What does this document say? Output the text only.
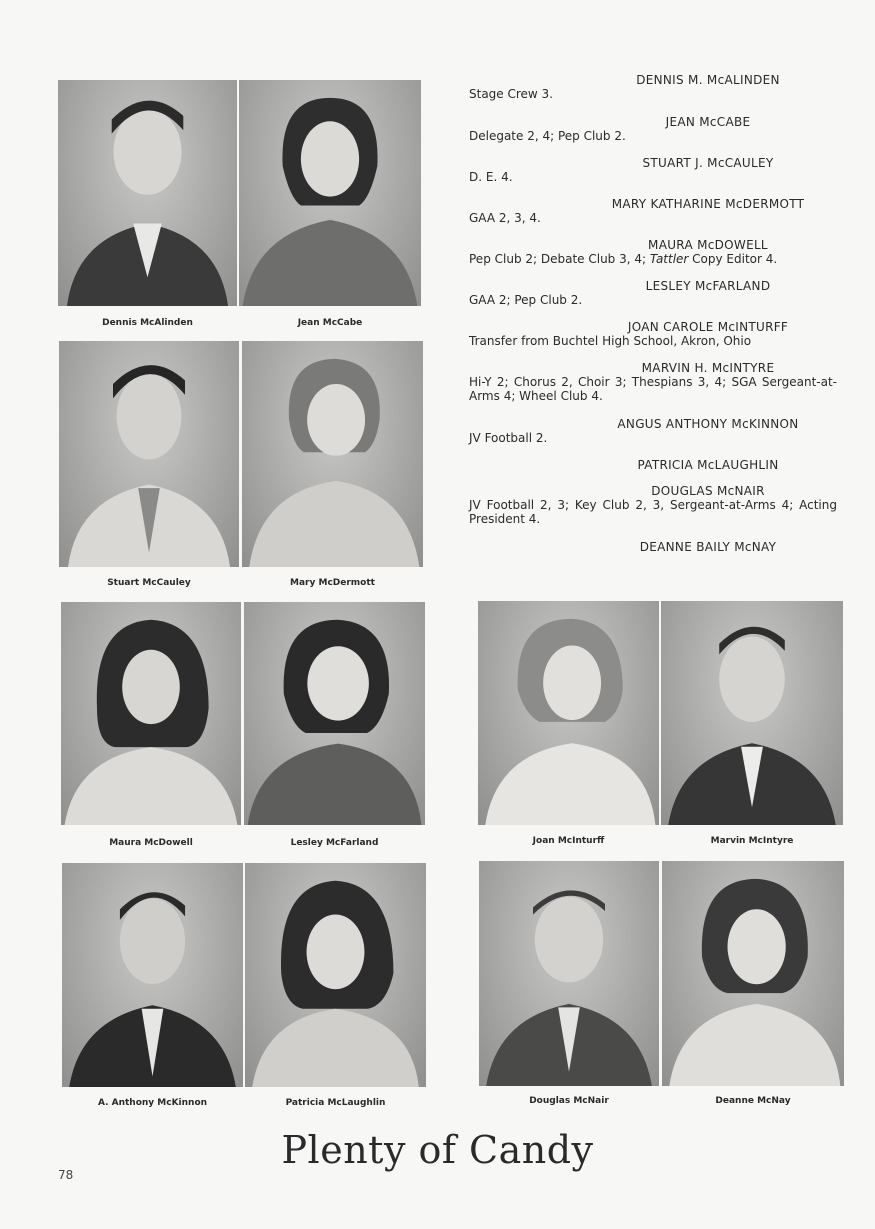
Dennis McAlinden	Jean McCabe
Stuart McCauley	Mary McDermott
Maura McDowell	Lesley McFarland	Joan McInturff	Marvin McIntyre
A. Anthony McKinnon	Patricia McLaughlin	Douglas McNair	Deanne McNay
DENNIS M. McALINDEN
Stage Crew 3.
JEAN McCABE
Delegate 2, 4; Pep Club 2.
STUART J. McCAULEY
D. E. 4.
MARY KATHARINE McDERMOTT
GAA 2, 3, 4.
MAURA McDOWELL
Pep Club 2; Debate Club 3, 4; Tattler Copy Editor 4.
LESLEY McFARLAND
GAA 2; Pep Club 2.
JOAN CAROLE McINTURFF
Transfer from Buchtel High School, Akron, Ohio
MARVIN H. McINTYRE
Hi-Y 2; Chorus 2, Choir 3; Thespians 3, 4; SGA Sergeant-at-Arms 4; Wheel Club 4.
ANGUS ANTHONY McKINNON
JV Football 2.
PATRICIA McLAUGHLIN
DOUGLAS McNAIR
JV Football 2, 3; Key Club 2, 3, Sergeant-at-Arms 4; Acting President 4.
DEANNE BAILY McNAY
Plenty of Candy
78
